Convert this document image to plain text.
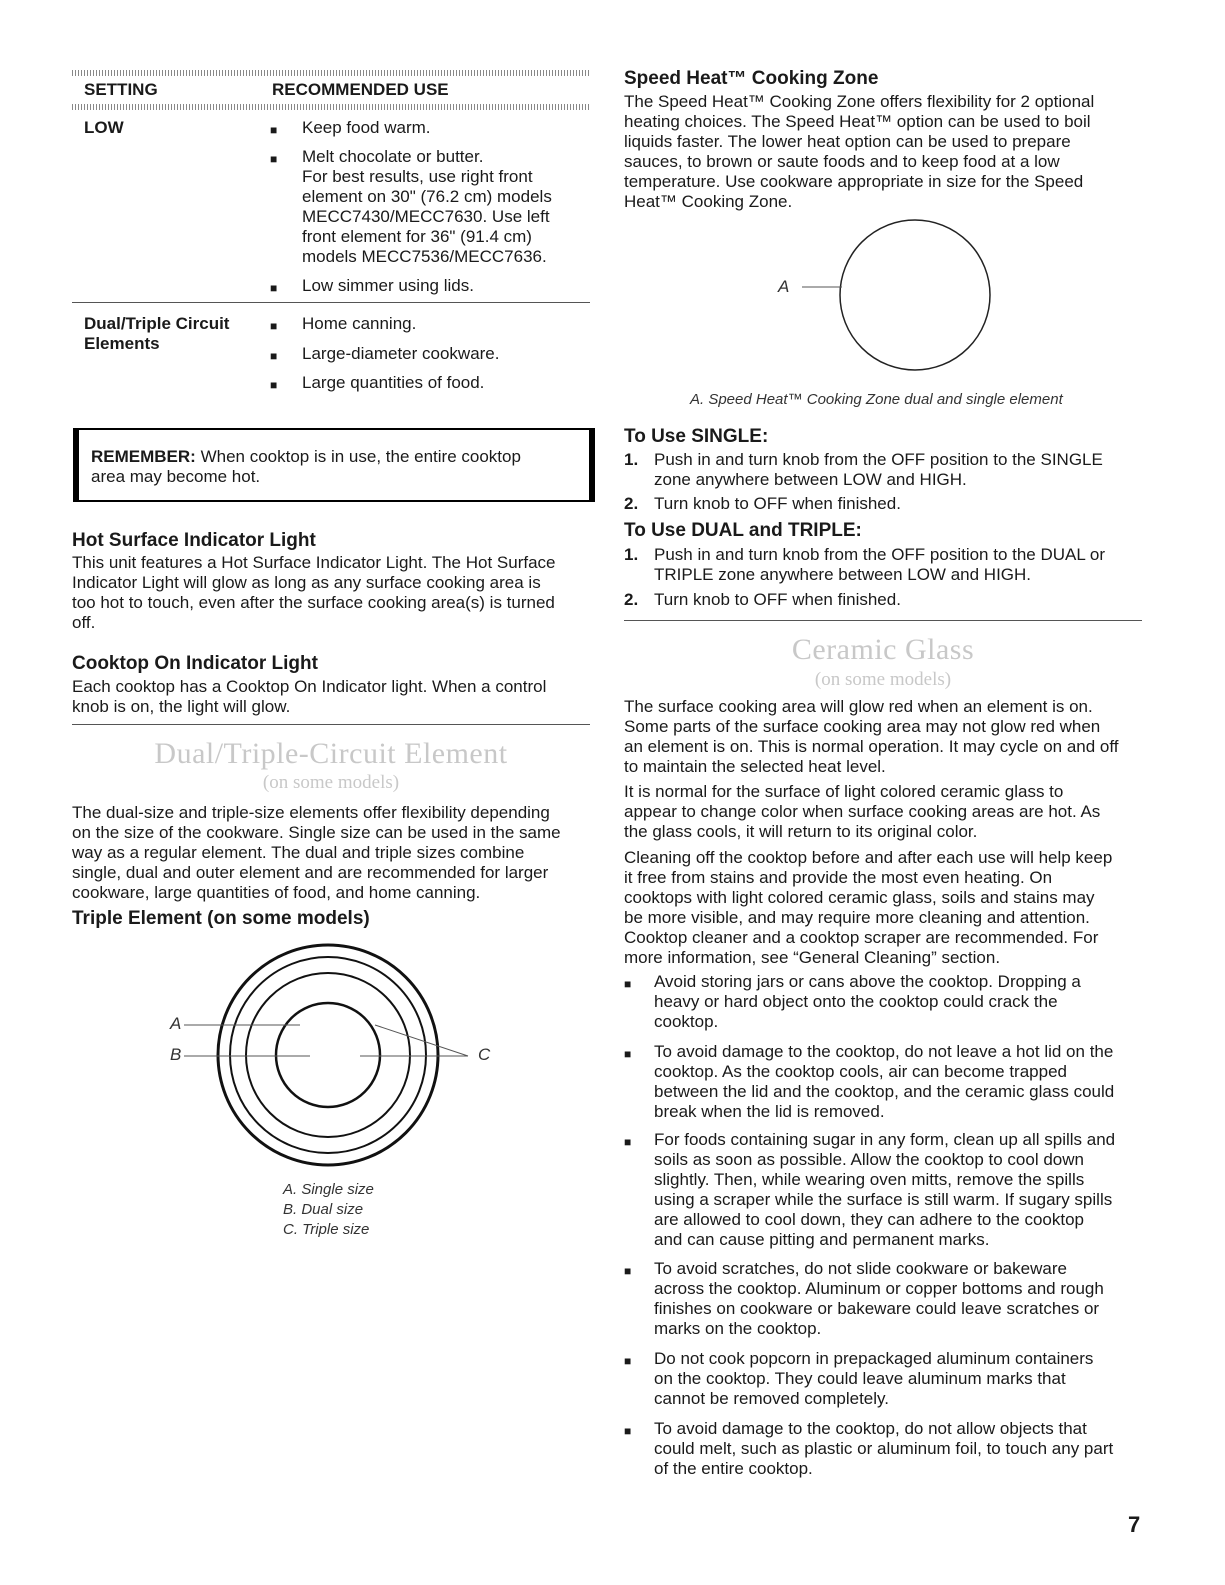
SETTING	RECOMMENDED USE
LOW	■ Keep food warm.
■ Melt chocolate or butter.
For best results, use right front
element on 30" (76.2 cm) models
MECC7430/MECC7630. Use left
front element for 36" (91.4 cm)
models MECC7536/MECC7636.
■ Low simmer using lids.
Dual/Triple Circuit
Elements
■ Home canning.
■ Large-diameter cookware.
■ Large quantities of food.
REMEMBER: When cooktop is in use, the entire cooktop
area may become hot.
Hot Surface Indicator Light
This unit features a Hot Surface Indicator Light. The Hot Surface
Indicator Light will glow as long as any surface cooking area is
too hot to touch, even after the surface cooking area(s) is turned
off.
Cooktop On Indicator Light
Each cooktop has a Cooktop On Indicator light. When a control
knob is on, the light will glow.
Dual/Triple-Circuit Element
(on some models)
The dual-size and triple-size elements offer flexibility depending
on the size of the cookware. Single size can be used in the same
way as a regular element. The dual and triple sizes combine
single, dual and outer element and are recommended for larger
cookware, large quantities of food, and home canning.
Triple Element (on some models)
A
B	C
A. Single size
B. Dual size
C. Triple size
Speed Heat™ Cooking Zone
The Speed Heat™ Cooking Zone offers flexibility for 2 optional
heating choices. The Speed Heat™ option can be used to boil
liquids faster. The lower heat option can be used to prepare
sauces, to brown or saute foods and to keep food at a low
temperature. Use cookware appropriate in size for the Speed
Heat™ Cooking Zone.
A
A. Speed Heat™ Cooking Zone dual and single element
To Use SINGLE:
1. Push in and turn knob from the OFF position to the SINGLE
zone anywhere between LOW and HIGH.
2. Turn knob to OFF when finished.
To Use DUAL and TRIPLE:
1. Push in and turn knob from the OFF position to the DUAL or
TRIPLE zone anywhere between LOW and HIGH.
2. Turn knob to OFF when finished.
Ceramic Glass
(on some models)
The surface cooking area will glow red when an element is on.
Some parts of the surface cooking area may not glow red when
an element is on. This is normal operation. It may cycle on and off
to maintain the selected heat level.
It is normal for the surface of light colored ceramic glass to
appear to change color when surface cooking areas are hot. As
the glass cools, it will return to its original color.
Cleaning off the cooktop before and after each use will help keep
it free from stains and provide the most even heating. On
cooktops with light colored ceramic glass, soils and stains may
be more visible, and may require more cleaning and attention.
Cooktop cleaner and a cooktop scraper are recommended. For
more information, see “General Cleaning” section.
■ Avoid storing jars or cans above the cooktop. Dropping a
heavy or hard object onto the cooktop could crack the
cooktop.
■ To avoid damage to the cooktop, do not leave a hot lid on the
cooktop. As the cooktop cools, air can become trapped
between the lid and the cooktop, and the ceramic glass could
break when the lid is removed.
■ For foods containing sugar in any form, clean up all spills and
soils as soon as possible. Allow the cooktop to cool down
slightly. Then, while wearing oven mitts, remove the spills
using a scraper while the surface is still warm. If sugary spills
are allowed to cool down, they can adhere to the cooktop
and can cause pitting and permanent marks.
■ To avoid scratches, do not slide cookware or bakeware
across the cooktop. Aluminum or copper bottoms and rough
finishes on cookware or bakeware could leave scratches or
marks on the cooktop.
■ Do not cook popcorn in prepackaged aluminum containers
on the cooktop. They could leave aluminum marks that
cannot be removed completely.
■ To avoid damage to the cooktop, do not allow objects that
could melt, such as plastic or aluminum foil, to touch any part
of the entire cooktop.
7
